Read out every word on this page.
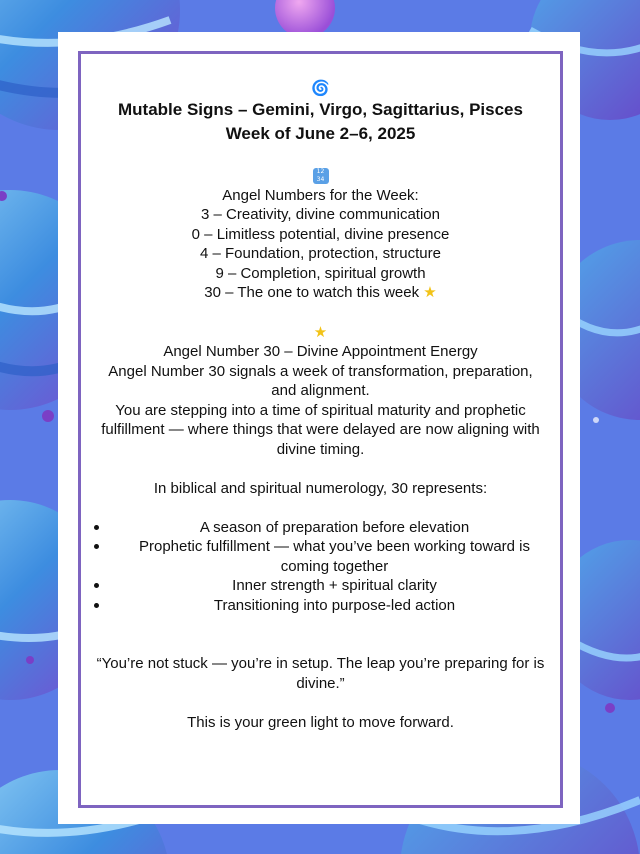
🌀
Mutable Signs – Gemini, Virgo, Sagittarius, Pisces
Week of June 2–6, 2025
12
34
Angel Numbers for the Week:
3 – Creativity, divine communication
0 – Limitless potential, divine presence
4 – Foundation, protection, structure
9 – Completion, spiritual growth
30 – The one to watch this week ★
★
Angel Number 30 – Divine Appointment Energy
Angel Number 30 signals a week of transformation, preparation, and alignment.
You are stepping into a time of spiritual maturity and prophetic fulfillment — where things that were delayed are now aligning with divine timing.
In biblical and spiritual numerology, 30 represents:
A season of preparation before elevation
Prophetic fulfillment — what you’ve been working toward is coming together
Inner strength + spiritual clarity
Transitioning into purpose-led action
“You’re not stuck — you’re in setup. The leap you’re preparing for is divine.”
This is your green light to move forward.
